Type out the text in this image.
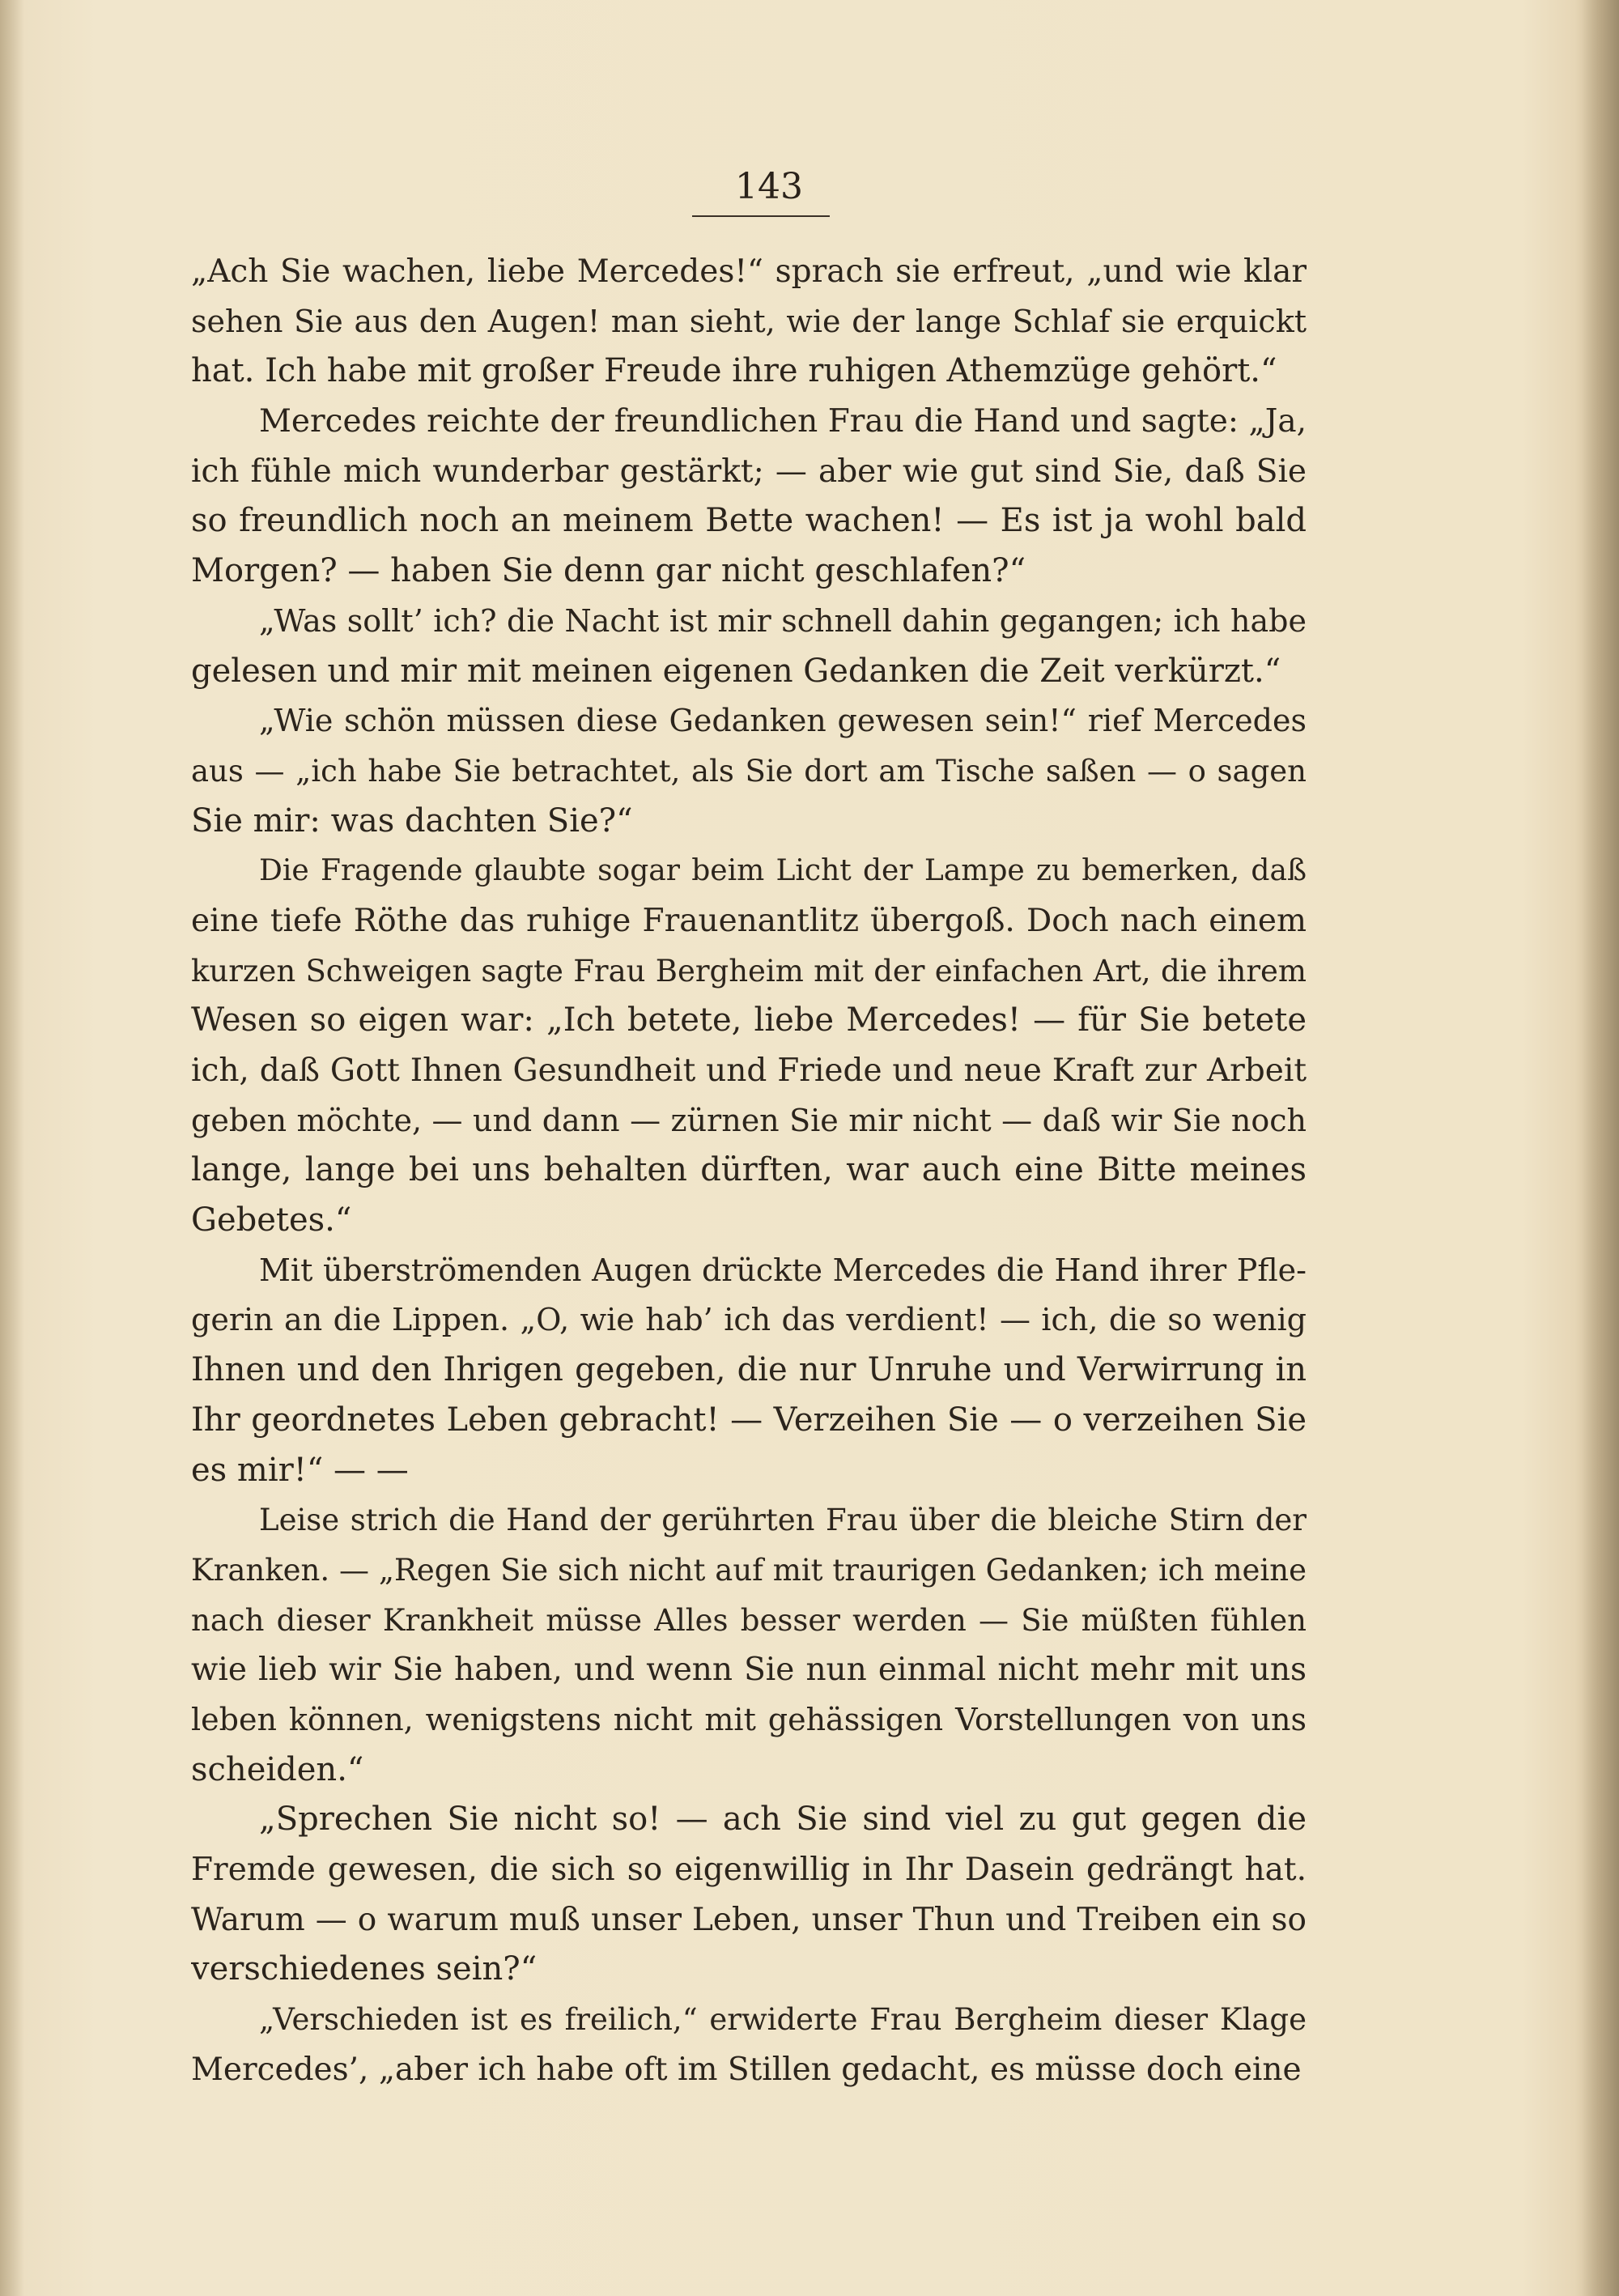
143
„Ach Sie wachen, liebe Mercedes!“ sprach sie erfreut, „und wie klar
sehen Sie aus den Augen! man sieht, wie der lange Schlaf sie erquickt
hat. Ich habe mit großer Freude ihre ruhigen Athemzüge gehört.“
Mercedes reichte der freundlichen Frau die Hand und sagte: „Ja,
ich fühle mich wunderbar gestärkt; — aber wie gut sind Sie, daß Sie
so freundlich noch an meinem Bette wachen! — Es ist ja wohl bald
Morgen? — haben Sie denn gar nicht geschlafen?“
„Was sollt’ ich? die Nacht ist mir schnell dahin gegangen; ich habe
gelesen und mir mit meinen eigenen Gedanken die Zeit verkürzt.“
„Wie schön müssen diese Gedanken gewesen sein!“ rief Mercedes
aus — „ich habe Sie betrachtet, als Sie dort am Tische saßen — o sagen
Sie mir: was dachten Sie?“
Die Fragende glaubte sogar beim Licht der Lampe zu bemerken, daß
eine tiefe Röthe das ruhige Frauenantlitz übergoß. Doch nach einem
kurzen Schweigen sagte Frau Bergheim mit der einfachen Art, die ihrem
Wesen so eigen war: „Ich betete, liebe Mercedes! — für Sie betete
ich, daß Gott Ihnen Gesundheit und Friede und neue Kraft zur Arbeit
geben möchte, — und dann — zürnen Sie mir nicht — daß wir Sie noch
lange, lange bei uns behalten dürften, war auch eine Bitte meines
Gebetes.“
Mit überströmenden Augen drückte Mercedes die Hand ihrer Pfle-
gerin an die Lippen. „O, wie hab’ ich das verdient! — ich, die so wenig
Ihnen und den Ihrigen gegeben, die nur Unruhe und Verwirrung in
Ihr geordnetes Leben gebracht! — Verzeihen Sie — o verzeihen Sie
es mir!“ — —
Leise strich die Hand der gerührten Frau über die bleiche Stirn der
Kranken. — „Regen Sie sich nicht auf mit traurigen Gedanken; ich meine
nach dieser Krankheit müsse Alles besser werden — Sie müßten fühlen
wie lieb wir Sie haben, und wenn Sie nun einmal nicht mehr mit uns
leben können, wenigstens nicht mit gehässigen Vorstellungen von uns
scheiden.“
„Sprechen Sie nicht so! — ach Sie sind viel zu gut gegen die
Fremde gewesen, die sich so eigenwillig in Ihr Dasein gedrängt hat.
Warum — o warum muß unser Leben, unser Thun und Treiben ein so
verschiedenes sein?“
„Verschieden ist es freilich,“ erwiderte Frau Bergheim dieser Klage
Mercedes’, „aber ich habe oft im Stillen gedacht, es müsse doch eine
